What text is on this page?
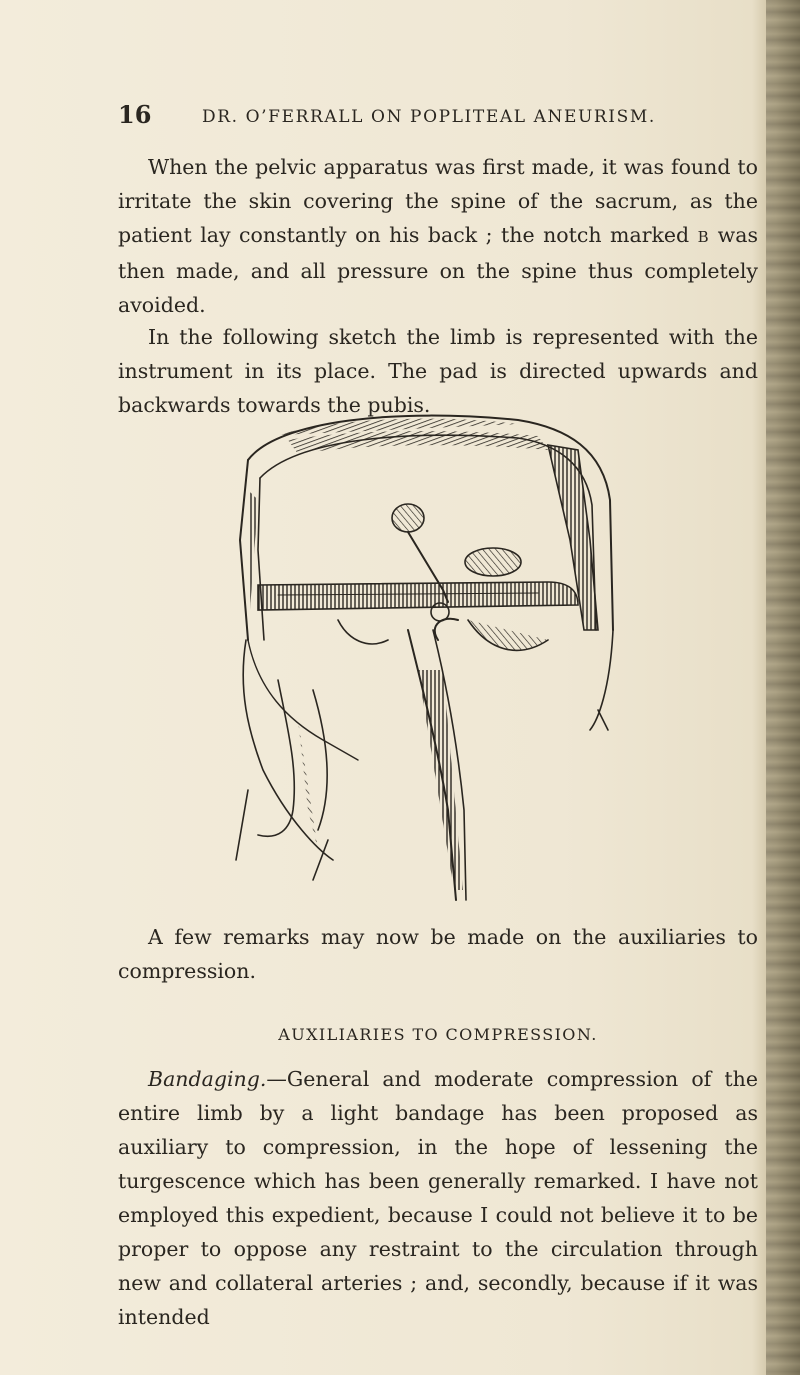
16	DR. O’FERRALL ON POPLITEAL ANEURISM.

When the pelvic apparatus was first made, it was found to irritate the skin covering the spine of the sacrum, as the patient lay constantly on his back ; the notch marked B was then made, and all pressure on the spine thus completely avoided.

In the following sketch the limb is represented with the instrument in its place. The pad is directed upwards and backwards towards the pubis.

A few remarks may now be made on the auxiliaries to compression.

AUXILIARIES TO COMPRESSION.

Bandaging.—General and moderate compression of the entire limb by a light bandage has been proposed as auxiliary to compression, in the hope of lessening the turgescence which has been generally remarked. I have not employed this expedient, because I could not believe it to be proper to oppose any restraint to the circulation through new and collateral arteries ; and, secondly, because if it was intended
